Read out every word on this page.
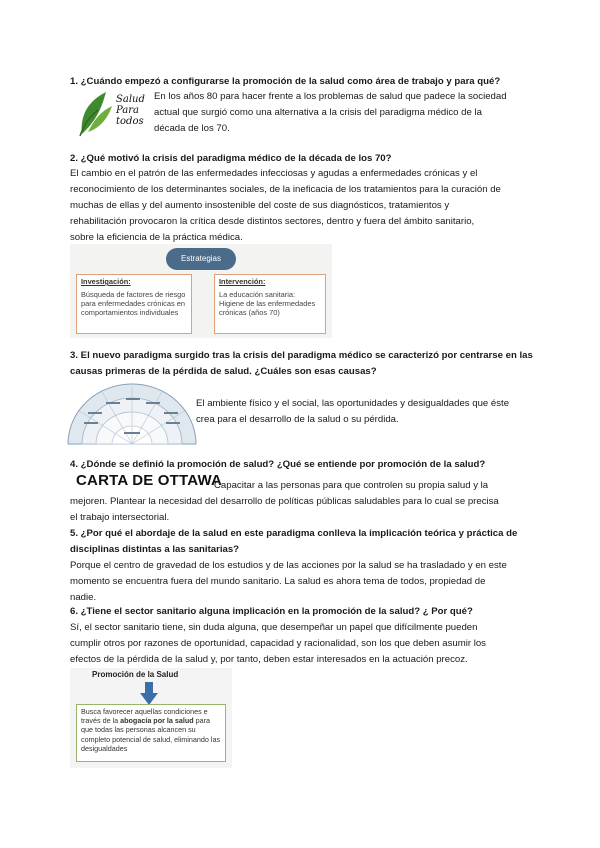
1. ¿Cuándo empezó a configurarse la promoción de la salud como área de trabajo y para qué?
Salud
Para
todos
En los años 80 para hacer frente a los problemas de salud que padece la sociedad
actual que surgió como una alternativa a la crisis del paradigma médico de la
década de los 70.
2. ¿Qué motivó la crisis del paradigma médico de la década de los 70?
El cambio en el patrón de las enfermedades infecciosas y agudas a enfermedades crónicas y el
reconocimiento de los determinantes sociales, de la ineficacia de los tratamientos para la curación de
muchas de ellas y del aumento insostenible del coste de sus diagnósticos, tratamientos y
rehabilitación provocaron la crítica desde distintos sectores, dentro y fuera del ámbito sanitario,
sobre la eficiencia de la práctica médica.
Estrategias
Investigación:
Búsqueda de factores de riesgo para enfermedades crónicas en comportamientos individuales
Intervención:
La educación sanitaria: Higiene de las enfermedades crónicas (años 70)
3. El nuevo paradigma surgido tras la crisis del paradigma médico se caracterizó por centrarse en las
causas primeras de la pérdida de salud. ¿Cuáles son esas causas?
El ambiente físico y el social, las oportunidades y desigualdades que éste
crea para el desarrollo de la salud o su pérdida.
4. ¿Dónde se definió la promoción de salud? ¿Qué se entiende por promoción de la salud?
CARTA DE OTTAWA
Capacitar a las personas para que controlen su propia salud y la
mejoren. Plantear la necesidad del desarrollo de políticas públicas saludables para lo cual se precisa
el trabajo intersectorial.
5. ¿Por qué el abordaje de la salud en este paradigma conlleva la implicación teórica y práctica de
disciplinas distintas a las sanitarias?
Porque el centro de gravedad de los estudios y de las acciones por la salud se ha trasladado y en este
momento se encuentra fuera del mundo sanitario. La salud es ahora tema de todos, propiedad de
nadie.
6. ¿Tiene el sector sanitario alguna implicación en la promoción de la salud? ¿ Por qué?
Sí, el sector sanitario tiene, sin duda alguna, que desempeñar un papel que difícilmente pueden
cumplir otros por razones de oportunidad, capacidad y racionalidad, son los que deben asumir los
efectos de la pérdida de la salud y, por tanto, deben estar interesados en la actuación precoz.
Promoción de la Salud
Busca favorecer aquellas condiciones e través de la abogacía por la salud para que todas las personas alcancen su completo potencial de salud, eliminando las desigualdades
